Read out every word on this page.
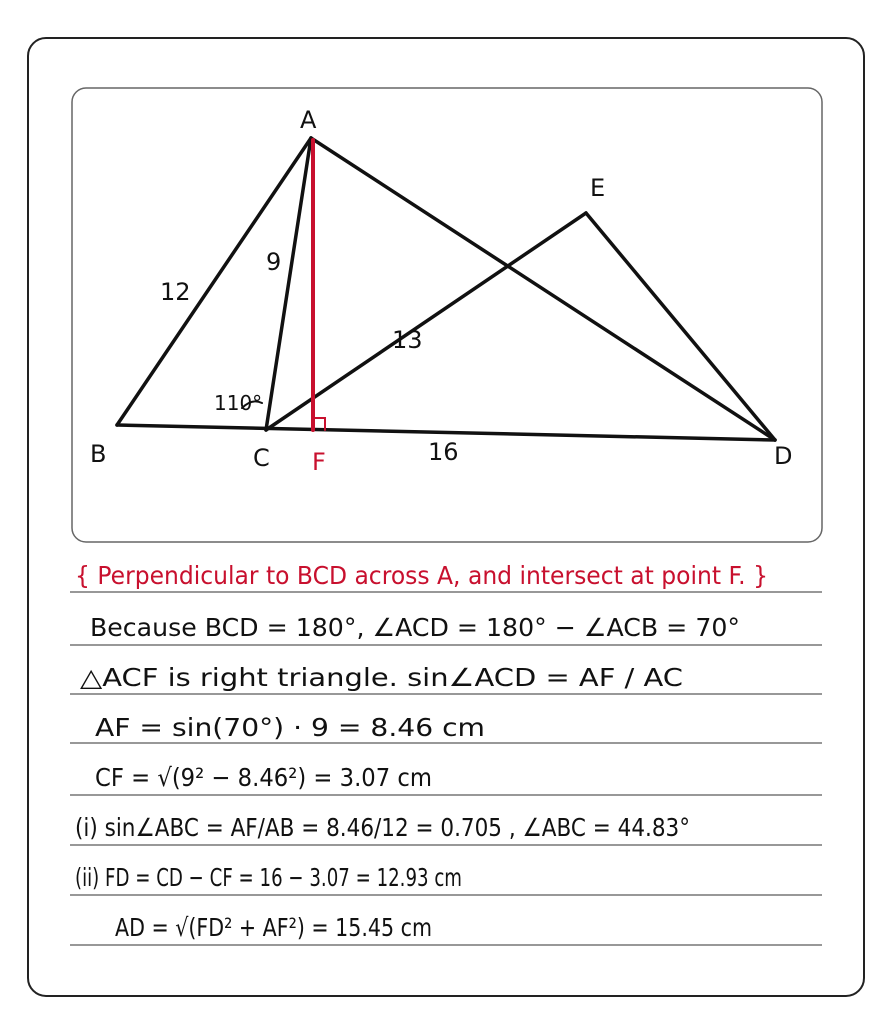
A
E
B	C F	D
12
9
13
16
110°
{ Perpendicular to BCD across A, and intersect at point F. }
Because BCD = 180°, ∠ACD = 180° − ∠ACB = 70°
△ACF is right triangle. sin∠ACD = AF / AC
AF = sin(70°) · 9 = 8.46 cm
CF = √(9² − 8.46²) = 3.07 cm
(i) sin∠ABC = AF/AB = 8.46/12 = 0.705 , ∠ABC = 44.83°
(ii) FD = CD − CF = 16 − 3.07 = 12.93 cm
AD = √(FD² + AF²) = 15.45 cm
